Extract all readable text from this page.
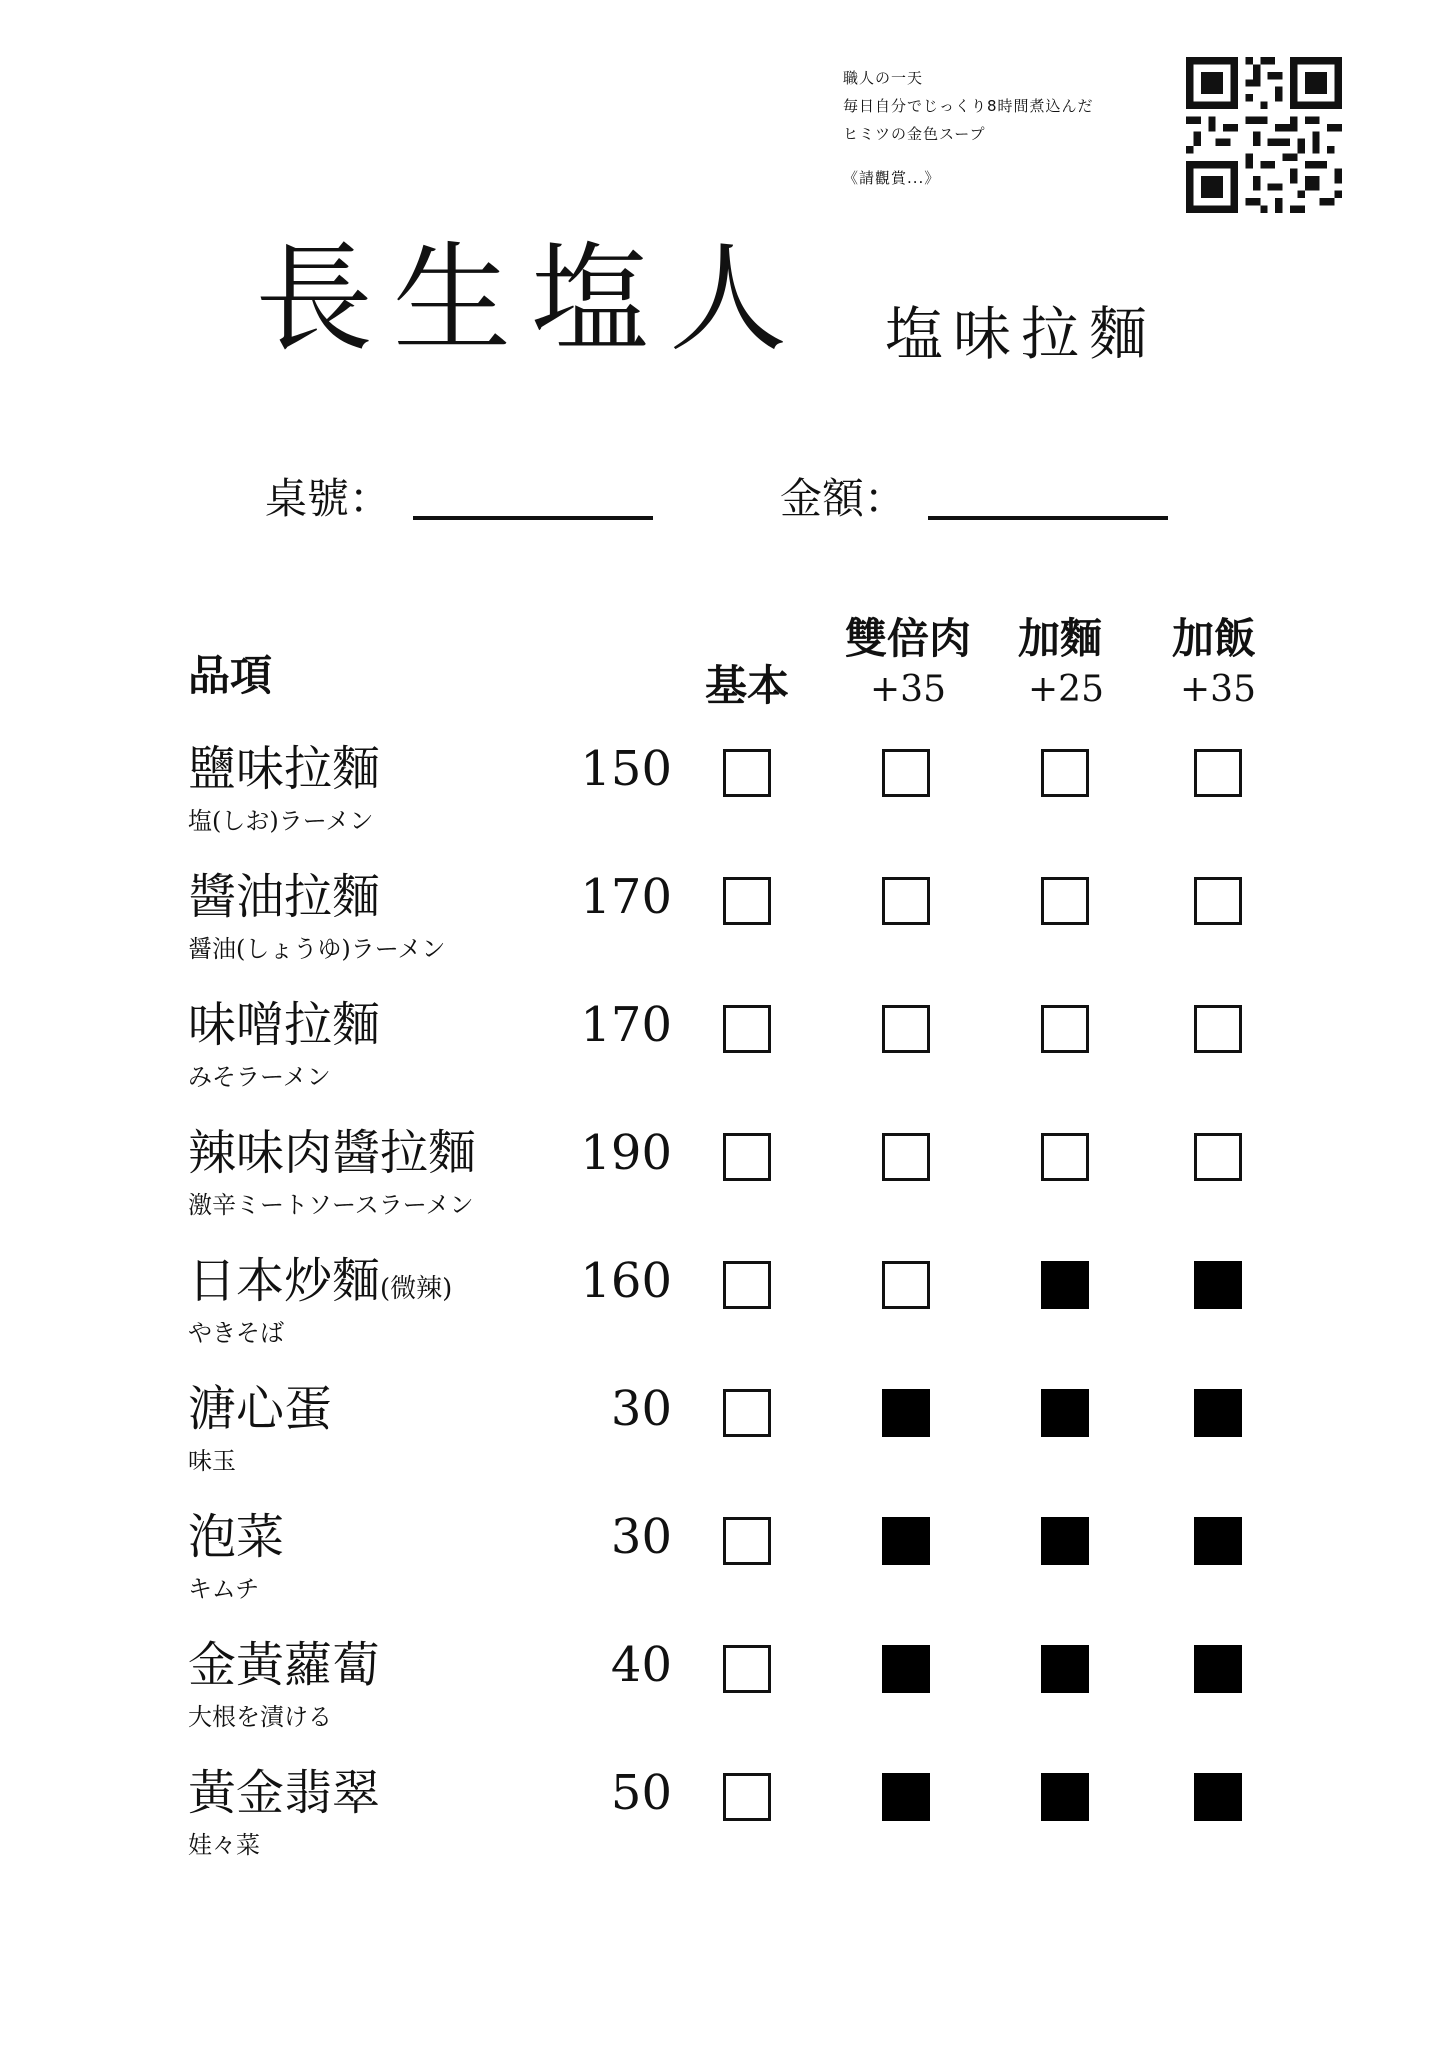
職人の一天
毎日自分でじっくり8時間煮込んだ
ヒミツの金色スープ
《請觀賞...》
長生塩人 塩味拉麵
桌號：	金額：
品項	基本
雙倍肉
+35
加麵
+25
加飯
+35
鹽味拉麵
塩(しお)ラーメン
150
醬油拉麵
醤油(しょうゆ)ラーメン
170
味噌拉麵
みそラーメン
170
辣味肉醬拉麵
激辛ミートソースラーメン
190
日本炒麵(微辣)
やきそば
160
溏心蛋
味玉
30
泡菜
キムチ
30
金黃蘿蔔
大根を漬ける
40
黃金翡翠
娃々菜
50
